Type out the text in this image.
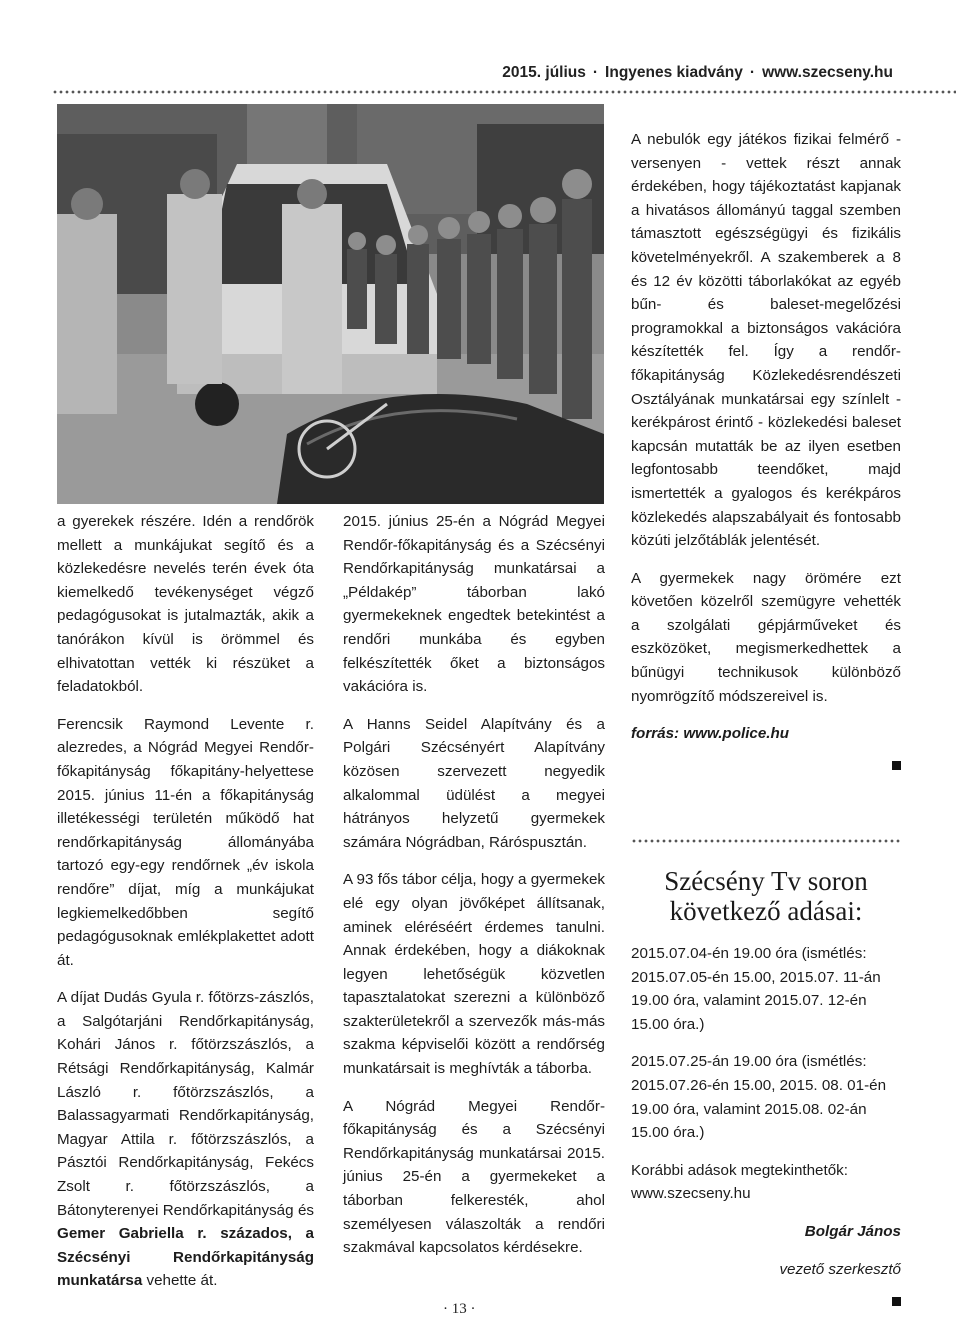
2015. július · Ingyenes kiadvány · www.szecseny.hu

a gyerekek részére. Idén a rendőrök mellett a munkájukat segítő és a közlekedésre nevelés terén évek óta kiemelkedő tevékenységet végző pedagógusokat is jutalmazták, akik a tanórákon kívül is örömmel és elhivatottan vették ki részüket a feladatokból.

Ferencsik Raymond Levente r. alezredes, a Nógrád Megyei Rendőr-főkapitányság főkapitány-helyettese 2015. június 11-én a főkapitányság illetékességi területén működő hat rendőrkapitányság állományába tartozó egy-egy rendőrnek „év iskola rendőre” díjat, míg a munkájukat legkiemelkedőbben segítő pedagógusoknak emlékplakettet adott át.

A díjat Dudás Gyula r. főtörzs-zászlós, a Salgótarjáni Rendőrkapitányság, Kohári János r. főtörzszászlós, a Rétsági Rendőrkapitányság, Kalmár László r. főtörzszászlós, a Balassagyarmati Rendőrkapitányság, Magyar Attila r. főtörzszászlós, a Pásztói Rendőrkapitányság, Fekécs Zsolt r. főtörzszászlós, a Bátonyterenyei Rendőrkapitányság és Gemer Gabriella r. százados, a Szécsényi Rendőrkapitányság munkatársa vehette át.

2015. június 25-én a Nógrád Megyei Rendőr-főkapitányság és a Szécsényi Rendőrkapitányság munkatársai a „Példakép” táborban lakó gyermekeknek engedtek betekintést a rendőri munkába és egyben felkészítették őket a biztonságos vakációra is.

A Hanns Seidel Alapítvány és a Polgári Szécsényért Alapítvány közösen szervezett negyedik alkalommal üdülést a megyei hátrányos helyzetű gyermekek számára Nógrádban, Ráróspusztán.

A 93 fős tábor célja, hogy a gyermekek elé egy olyan jövőképet állítsanak, aminek eléréséért érdemes tanulni. Annak érdekében, hogy a diákoknak legyen lehetőségük közvetlen tapasztalatokat szerezni a különböző szakterületekről a szervezők más-más szakma képviselői között a rendőrség munkatársait is meghívták a táborba.

A Nógrád Megyei Rendőr-főkapitányság és a Szécsényi Rendőrkapitányság munkatársai 2015. június 25-én a gyermekeket a táborban felkeresték, ahol személyesen válaszolták a rendőri szakmával kapcsolatos kérdésekre.

A nebulók egy játékos fizikai felmérő - versenyen - vettek részt annak érdekében, hogy tájékoztatást kapjanak a hivatásos állományú taggal szemben támasztott egészségügyi és fizikális követelményekről. A szakemberek a 8 és 12 év közötti táborlakókat az egyéb bűn- és baleset-megelőzési programokkal a biztonságos vakációra készítették fel. Így a rendőr-főkapitányság Közlekedésrendészeti Osztályának munkatársai egy színlelt - kerékpárost érintő - közlekedési baleset kapcsán mutatták be az ilyen esetben legfontosabb teendőket, majd ismertették a gyalogos és kerékpáros közlekedés alapszabályait és fontosabb közúti jelzőtáblák jelentését.

A gyermekek nagy örömére ezt követően közelről szemügyre vehették a szolgálati gépjárműveket és eszközöket, megismerkedhettek a bűnügyi technikusok különböző nyomrögzítő módszereivel is.

forrás: www.police.hu

Szécsény Tv soron
következő adásai:

2015.07.04-én 19.00 óra (ismétlés: 2015.07.05-én 15.00, 2015.07. 11-án 19.00 óra, valamint 2015.07. 12-én 15.00 óra.)

2015.07.25-án 19.00 óra (ismétlés: 2015.07.26-én 15.00, 2015. 08. 01-én 19.00 óra, valamint 2015.08. 02-án 15.00 óra.)

Korábbi adások megtekinthetők: www.szecseny.hu

Bolgár János

vezető szerkesztő

· 13 ·
